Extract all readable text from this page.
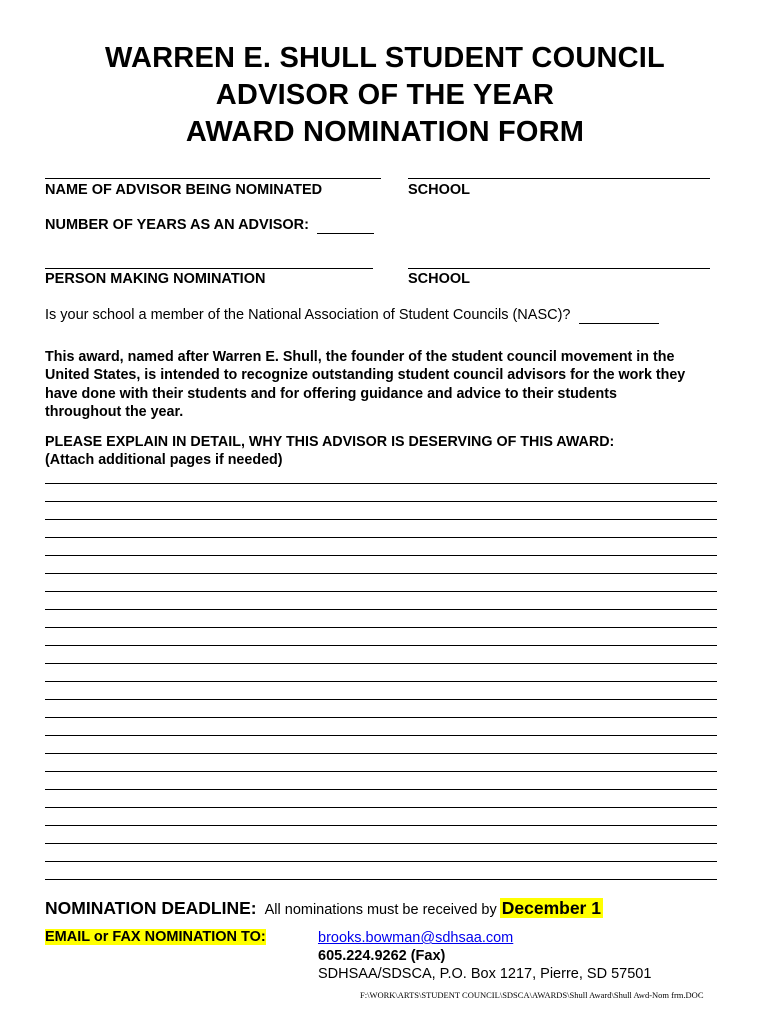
WARREN E. SHULL STUDENT COUNCIL
ADVISOR OF THE YEAR
AWARD NOMINATION FORM
NAME OF ADVISOR BEING NOMINATED	SCHOOL
NUMBER OF YEARS AS AN ADVISOR:
PERSON MAKING NOMINATION	SCHOOL
Is your school a member of the National Association of Student Councils (NASC)?
This award, named after Warren E. Shull, the founder of the student council movement in the
United States, is intended to recognize outstanding student council advisors for the work they
have done with their students and for offering guidance and advice to their students
throughout the year.
PLEASE EXPLAIN IN DETAIL, WHY THIS ADVISOR IS DESERVING OF THIS AWARD:
(Attach additional pages if needed)
NOMINATION DEADLINE: All nominations must be received by December 1
EMAIL or FAX NOMINATION TO:	brooks.bowman@sdhsaa.com
605.224.9262 (Fax)
SDHSAA/SDSCA, P.O. Box 1217, Pierre, SD 57501
F:\WORK\ARTS\STUDENT COUNCIL\SDSCA\AWARDS\Shull Award\Shull Awd-Nom frm.DOC
